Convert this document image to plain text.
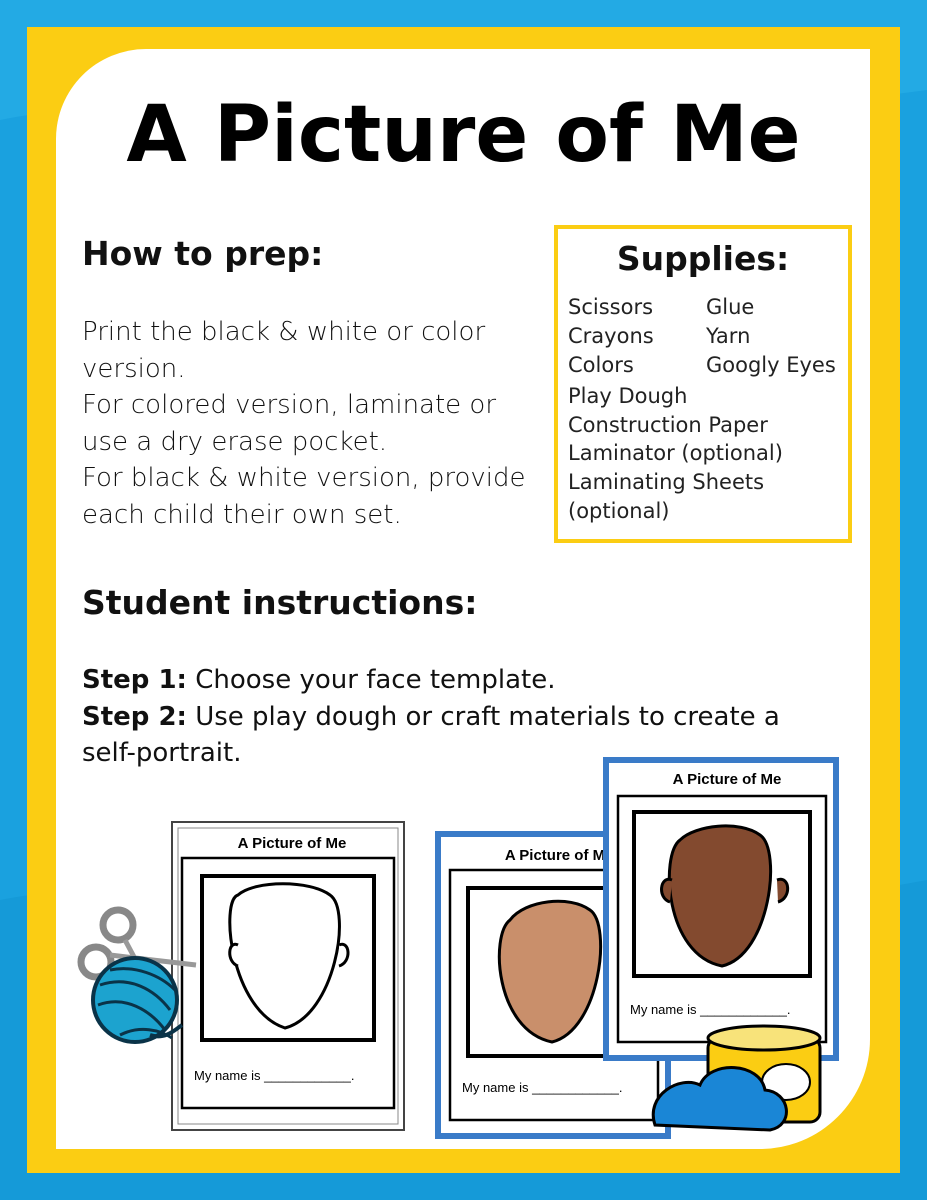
A Picture of Me
How to prep:
Print the black & white or color
version.
For colored version, laminate or
use a dry erase pocket.
For black & white version, provide
each child their own set.
Supplies:
Scissors
Crayons
Colors
Glue
Yarn
Googly Eyes
Play Dough
Construction Paper
Laminator (optional)
Laminating Sheets
(optional)
Student instructions:
Step 1: Choose your face template.
Step 2: Use play dough or craft materials to create a
self-portrait.
A Picture of Me
My name is ____________.
A Picture of M
My name is ____________.
A Picture of Me
My name is ____________.
